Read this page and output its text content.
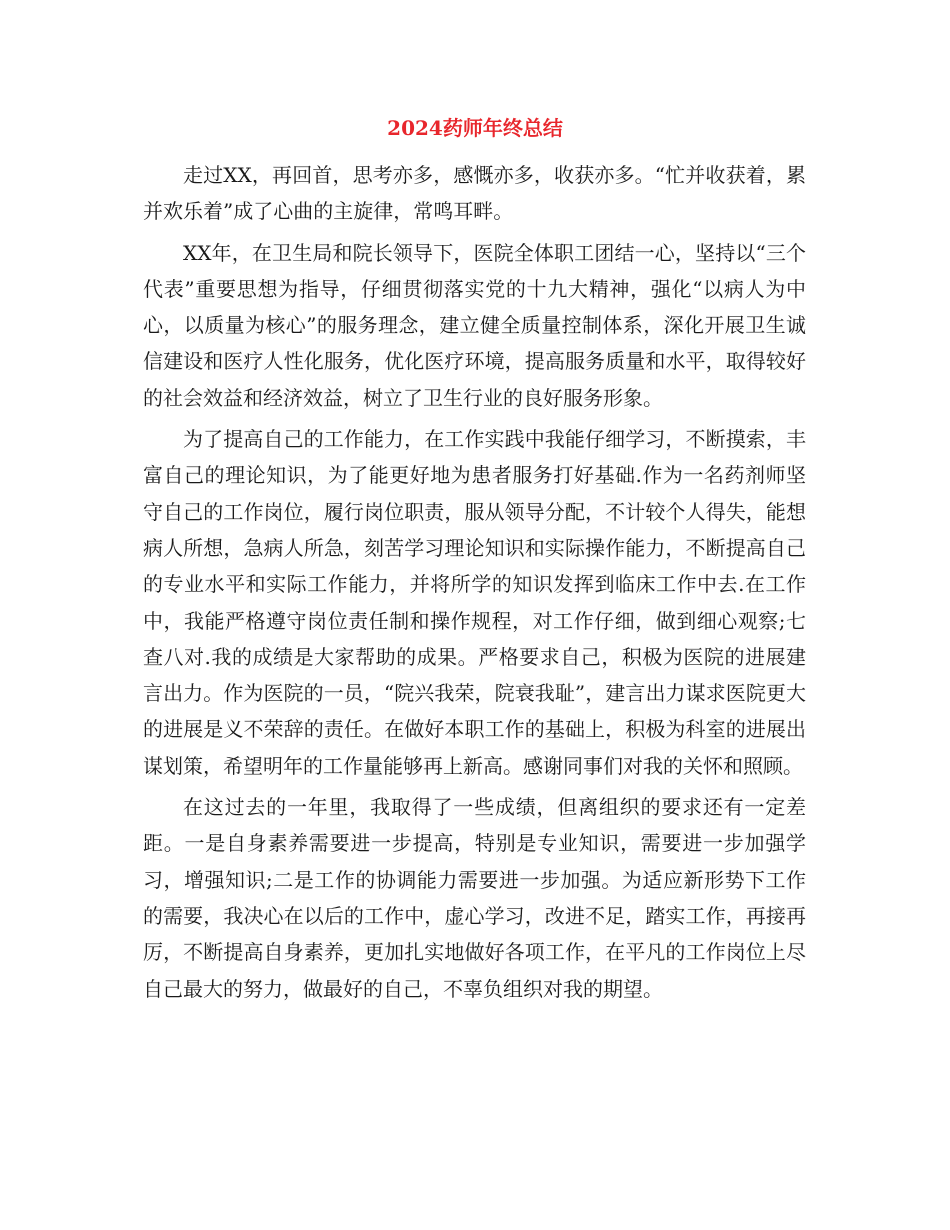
2024药师年终总结

走过XX，再回首，思考亦多，感慨亦多，收获亦多。“忙并收获着，累并欢乐着”成了心曲的主旋律，常鸣耳畔。

XX年，在卫生局和院长领导下，医院全体职工团结一心，坚持以“三个代表”重要思想为指导，仔细贯彻落实党的十九大精神，强化“以病人为中心，以质量为核心”的服务理念，建立健全质量控制体系，深化开展卫生诚信建设和医疗人性化服务，优化医疗环境，提高服务质量和水平，取得较好的社会效益和经济效益，树立了卫生行业的良好服务形象。

为了提高自己的工作能力，在工作实践中我能仔细学习，不断摸索，丰富自己的理论知识，为了能更好地为患者服务打好基础.作为一名药剂师坚守自己的工作岗位，履行岗位职责，服从领导分配，不计较个人得失，能想病人所想，急病人所急，刻苦学习理论知识和实际操作能力，不断提高自己的专业水平和实际工作能力，并将所学的知识发挥到临床工作中去.在工作中，我能严格遵守岗位责任制和操作规程，对工作仔细，做到细心观察;七查八对.我的成绩是大家帮助的成果。严格要求自己，积极为医院的进展建言出力。作为医院的一员，“院兴我荣，院衰我耻”，建言出力谋求医院更大的进展是义不荣辞的责任。在做好本职工作的基础上，积极为科室的进展出谋划策，希望明年的工作量能够再上新高。感谢同事们对我的关怀和照顾。

在这过去的一年里，我取得了一些成绩，但离组织的要求还有一定差距。一是自身素养需要进一步提高，特别是专业知识，需要进一步加强学习，增强知识;二是工作的协调能力需要进一步加强。为适应新形势下工作的需要，我决心在以后的工作中，虚心学习，改进不足，踏实工作，再接再厉，不断提高自身素养，更加扎实地做好各项工作，在平凡的工作岗位上尽自己最大的努力，做最好的自己，不辜负组织对我的期望。
